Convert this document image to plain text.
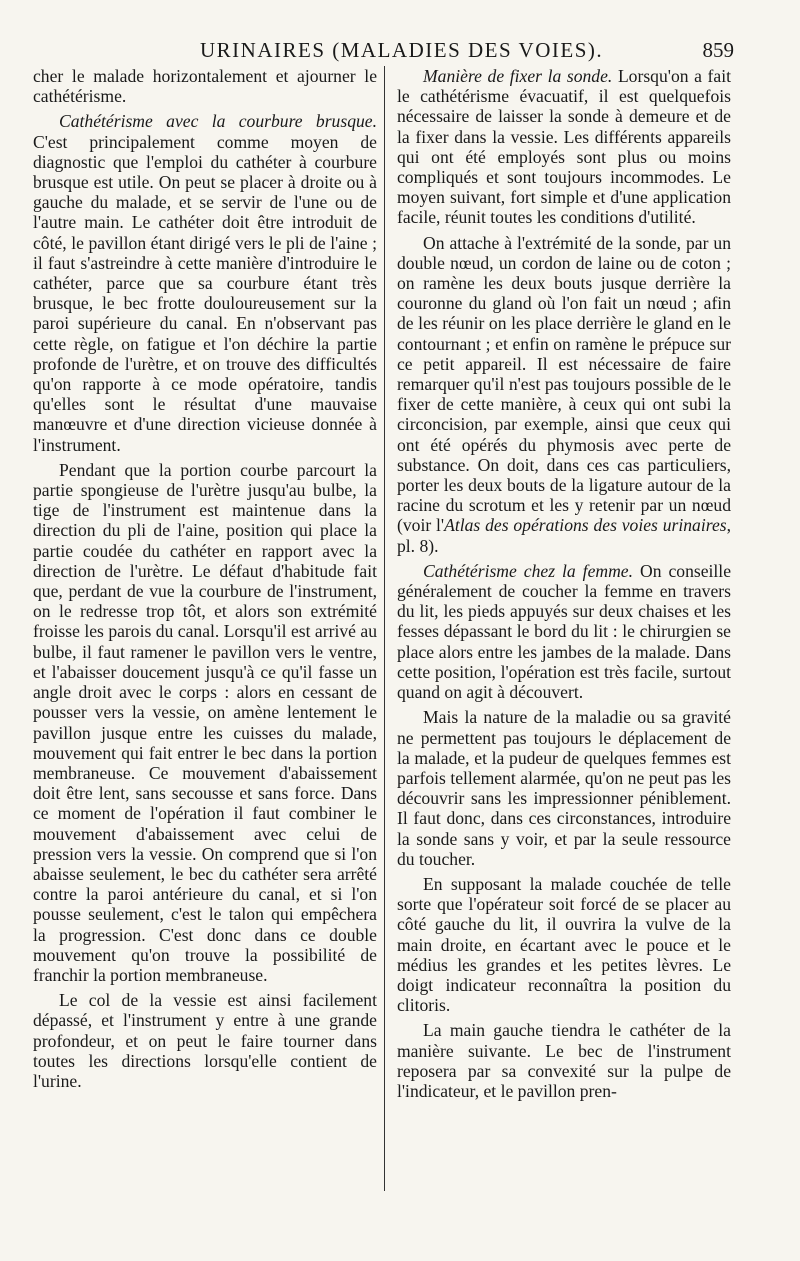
URINAIRES (MALADIES DES VOIES).	859

cher le malade horizontalement et ajourner le cathétérisme.

Cathétérisme avec la courbure brusque. C'est principalement comme moyen de diagnostic que l'emploi du cathéter à courbure brusque est utile. On peut se placer à droite ou à gauche du malade, et se servir de l'une ou de l'autre main. Le cathéter doit être introduit de côté, le pavillon étant dirigé vers le pli de l'aine ; il faut s'astreindre à cette manière d'introduire le cathéter, parce que sa courbure étant très brusque, le bec frotte douloureusement sur la paroi supérieure du canal. En n'observant pas cette règle, on fatigue et l'on déchire la partie profonde de l'urètre, et on trouve des difficultés qu'on rapporte à ce mode opératoire, tandis qu'elles sont le résultat d'une mauvaise manœuvre et d'une direction vicieuse donnée à l'instrument.

Pendant que la portion courbe parcourt la partie spongieuse de l'urètre jusqu'au bulbe, la tige de l'instrument est maintenue dans la direction du pli de l'aine, position qui place la partie coudée du cathéter en rapport avec la direction de l'urètre. Le défaut d'habitude fait que, perdant de vue la courbure de l'instrument, on le redresse trop tôt, et alors son extrémité froisse les parois du canal. Lorsqu'il est arrivé au bulbe, il faut ramener le pavillon vers le ventre, et l'abaisser doucement jusqu'à ce qu'il fasse un angle droit avec le corps : alors en cessant de pousser vers la vessie, on amène lentement le pavillon jusque entre les cuisses du malade, mouvement qui fait entrer le bec dans la portion membraneuse. Ce mouvement d'abaissement doit être lent, sans secousse et sans force. Dans ce moment de l'opération il faut combiner le mouvement d'abaissement avec celui de pression vers la vessie. On comprend que si l'on abaisse seulement, le bec du cathéter sera arrêté contre la paroi antérieure du canal, et si l'on pousse seulement, c'est le talon qui empêchera la progression. C'est donc dans ce double mouvement qu'on trouve la possibilité de franchir la portion membraneuse.

Le col de la vessie est ainsi facilement dépassé, et l'instrument y entre à une grande profondeur, et on peut le faire tourner dans toutes les directions lorsqu'elle contient de l'urine.

Manière de fixer la sonde. Lorsqu'on a fait le cathétérisme évacuatif, il est quelquefois nécessaire de laisser la sonde à demeure et de la fixer dans la vessie. Les différents appareils qui ont été employés sont plus ou moins compliqués et sont toujours incommodes. Le moyen suivant, fort simple et d'une application facile, réunit toutes les conditions d'utilité.

On attache à l'extrémité de la sonde, par un double nœud, un cordon de laine ou de coton ; on ramène les deux bouts jusque derrière la couronne du gland où l'on fait un nœud ; afin de les réunir on les place derrière le gland en le contournant ; et enfin on ramène le prépuce sur ce petit appareil. Il est nécessaire de faire remarquer qu'il n'est pas toujours possible de le fixer de cette manière, à ceux qui ont subi la circoncision, par exemple, ainsi que ceux qui ont été opérés du phymosis avec perte de substance. On doit, dans ces cas particuliers, porter les deux bouts de la ligature autour de la racine du scrotum et les y retenir par un nœud (voir l'Atlas des opérations des voies urinaires, pl. 8).

Cathétérisme chez la femme. On conseille généralement de coucher la femme en travers du lit, les pieds appuyés sur deux chaises et les fesses dépassant le bord du lit : le chirurgien se place alors entre les jambes de la malade. Dans cette position, l'opération est très facile, surtout quand on agit à découvert.

Mais la nature de la maladie ou sa gravité ne permettent pas toujours le déplacement de la malade, et la pudeur de quelques femmes est parfois tellement alarmée, qu'on ne peut pas les découvrir sans les impressionner péniblement. Il faut donc, dans ces circonstances, introduire la sonde sans y voir, et par la seule ressource du toucher.

En supposant la malade couchée de telle sorte que l'opérateur soit forcé de se placer au côté gauche du lit, il ouvrira la vulve de la main droite, en écartant avec le pouce et le médius les grandes et les petites lèvres. Le doigt indicateur reconnaîtra la position du clitoris.

La main gauche tiendra le cathéter de la manière suivante. Le bec de l'instrument reposera par sa convexité sur la pulpe de l'indicateur, et le pavillon pren-
